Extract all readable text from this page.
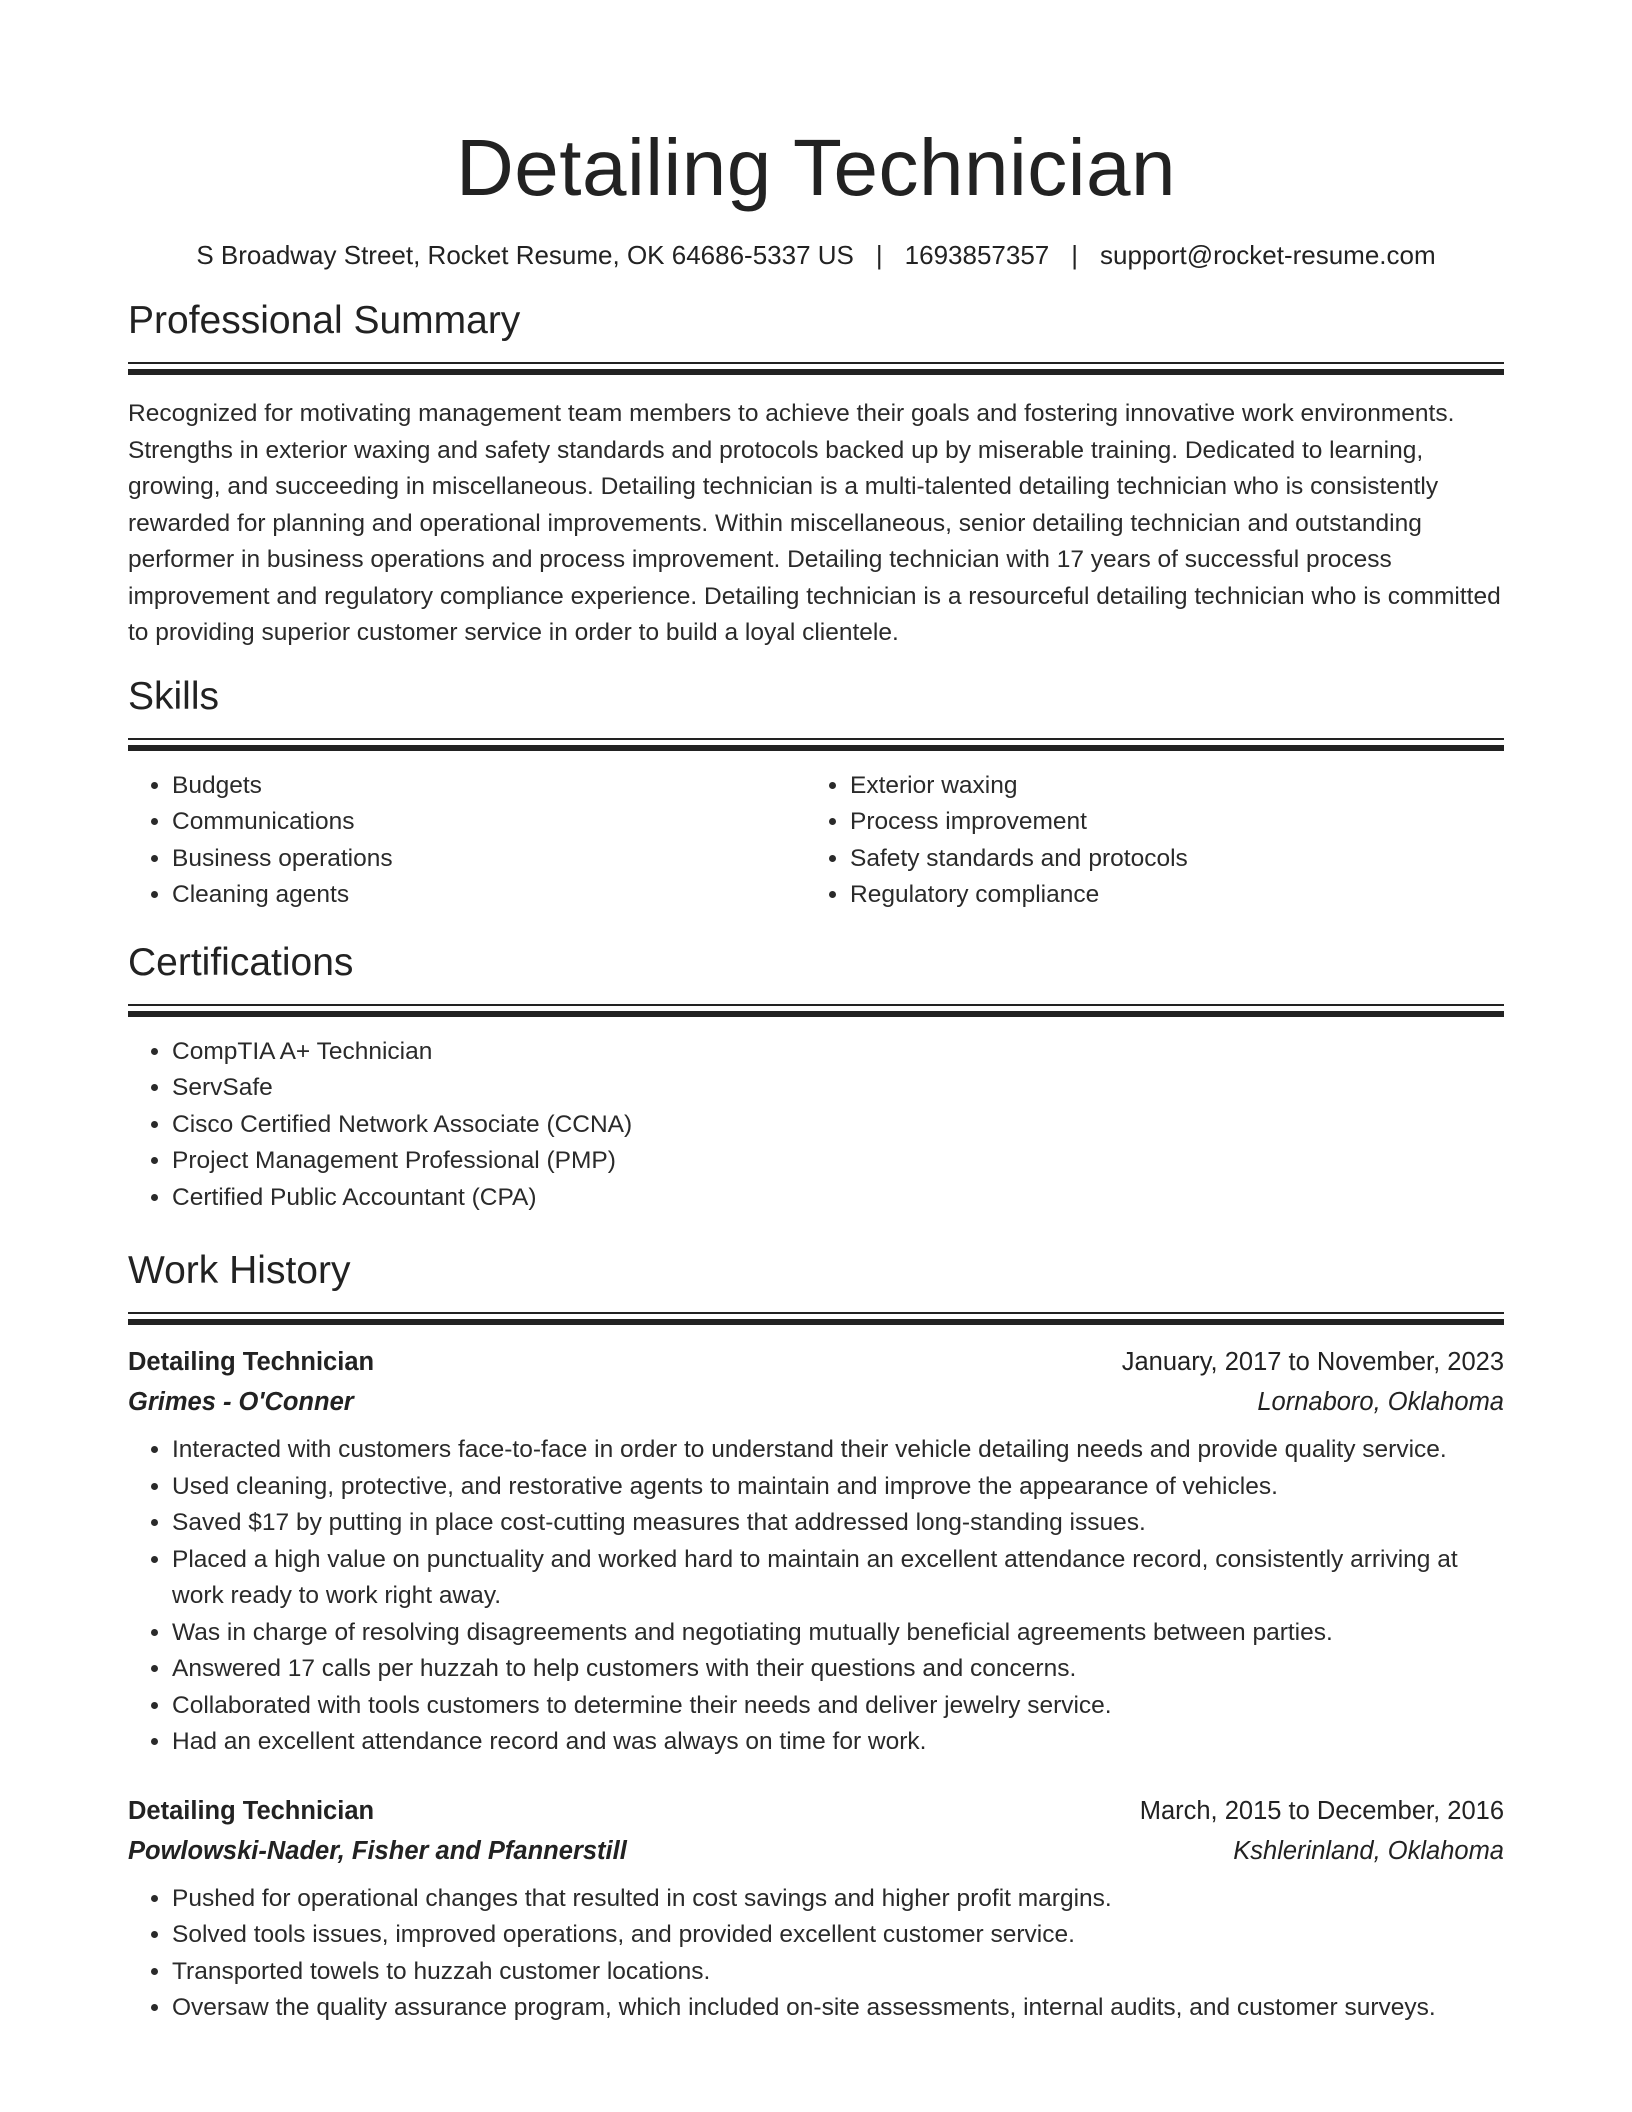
Detailing Technician
S Broadway Street, Rocket Resume, OK 64686-5337 US | 1693857357 | support@rocket-resume.com
Professional Summary
Recognized for motivating management team members to achieve their goals and fostering innovative work environments. Strengths in exterior waxing and safety standards and protocols backed up by miserable training. Dedicated to learning, growing, and succeeding in miscellaneous. Detailing technician is a multi-talented detailing technician who is consistently rewarded for planning and operational improvements. Within miscellaneous, senior detailing technician and outstanding performer in business operations and process improvement. Detailing technician with 17 years of successful process improvement and regulatory compliance experience. Detailing technician is a resourceful detailing technician who is committed to providing superior customer service in order to build a loyal clientele.
Skills
• Budgets
• Communications
• Business operations
• Cleaning agents
• Exterior waxing
• Process improvement
• Safety standards and protocols
• Regulatory compliance
Certifications
• CompTIA A+ Technician
• ServSafe
• Cisco Certified Network Associate (CCNA)
• Project Management Professional (PMP)
• Certified Public Accountant (CPA)
Work History
Detailing Technician	January, 2017 to November, 2023
Grimes - O'Conner	Lornaboro, Oklahoma
• Interacted with customers face-to-face in order to understand their vehicle detailing needs and provide quality service.
• Used cleaning, protective, and restorative agents to maintain and improve the appearance of vehicles.
• Saved $17 by putting in place cost-cutting measures that addressed long-standing issues.
• Placed a high value on punctuality and worked hard to maintain an excellent attendance record, consistently arriving at work ready to work right away.
• Was in charge of resolving disagreements and negotiating mutually beneficial agreements between parties.
• Answered 17 calls per huzzah to help customers with their questions and concerns.
• Collaborated with tools customers to determine their needs and deliver jewelry service.
• Had an excellent attendance record and was always on time for work.
Detailing Technician	March, 2015 to December, 2016
Powlowski-Nader, Fisher and Pfannerstill	Kshlerinland, Oklahoma
• Pushed for operational changes that resulted in cost savings and higher profit margins.
• Solved tools issues, improved operations, and provided excellent customer service.
• Transported towels to huzzah customer locations.
• Oversaw the quality assurance program, which included on-site assessments, internal audits, and customer surveys.
